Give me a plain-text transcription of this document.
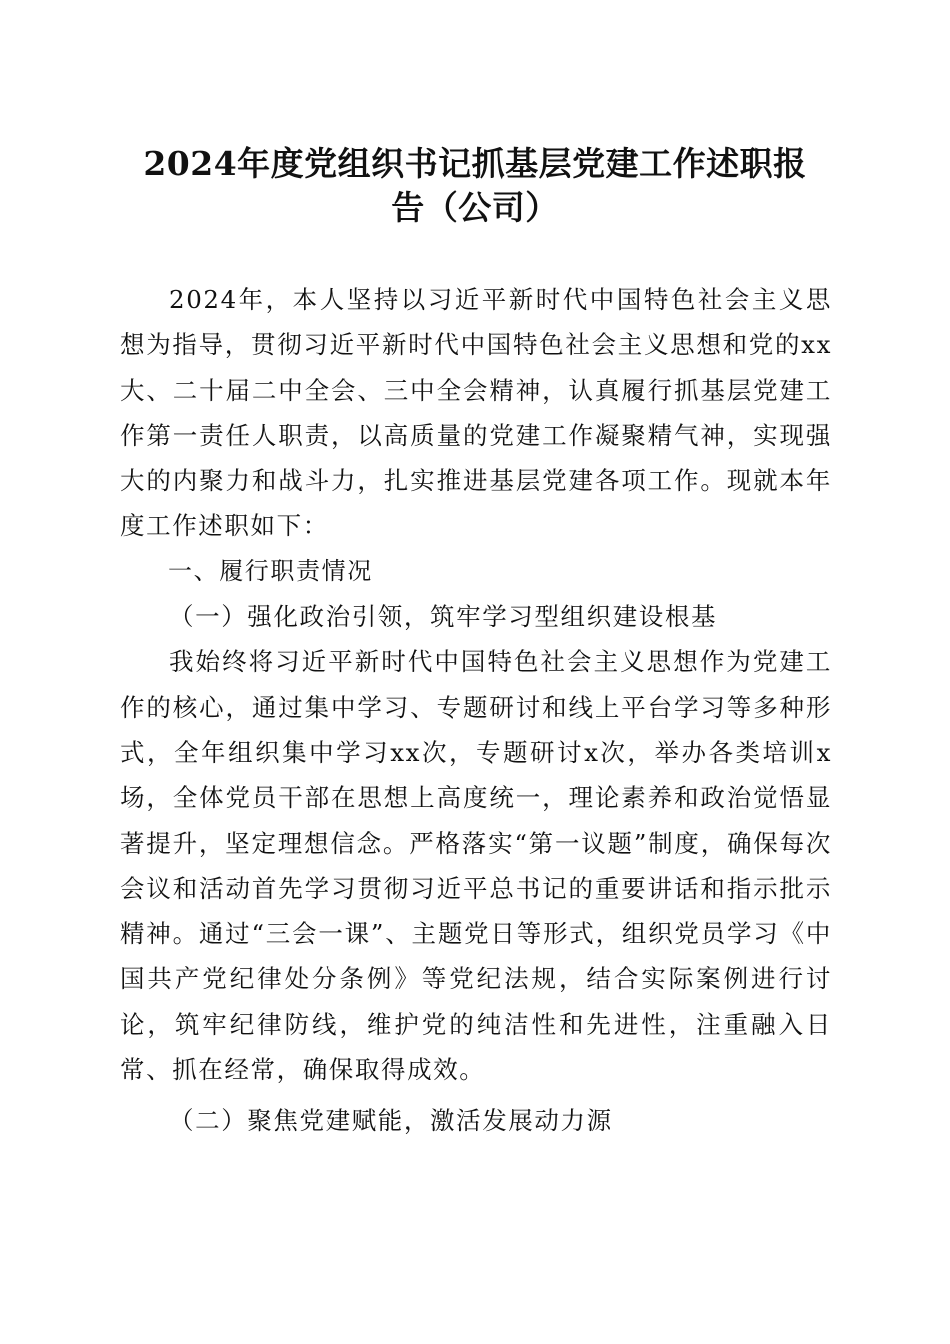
2024年度党组织书记抓基层党建工作述职报
告（公司）

2024年，本人坚持以习近平新时代中国特色社会主义思想为指导，贯彻习近平新时代中国特色社会主义思想和党的xx大、二十届二中全会、三中全会精神，认真履行抓基层党建工作第一责任人职责，以高质量的党建工作凝聚精气神，实现强大的内聚力和战斗力，扎实推进基层党建各项工作。现就本年度工作述职如下：

一、履行职责情况

（一）强化政治引领，筑牢学习型组织建设根基

我始终将习近平新时代中国特色社会主义思想作为党建工作的核心，通过集中学习、专题研讨和线上平台学习等多种形式，全年组织集中学习xx次，专题研讨x次，举办各类培训x场，全体党员干部在思想上高度统一，理论素养和政治觉悟显著提升，坚定理想信念。严格落实“第一议题”制度，确保每次会议和活动首先学习贯彻习近平总书记的重要讲话和指示批示精神。通过“三会一课”、主题党日等形式，组织党员学习《中国共产党纪律处分条例》等党纪法规，结合实际案例进行讨论，筑牢纪律防线，维护党的纯洁性和先进性，注重融入日常、抓在经常，确保取得成效。

（二）聚焦党建赋能，激活发展动力源
